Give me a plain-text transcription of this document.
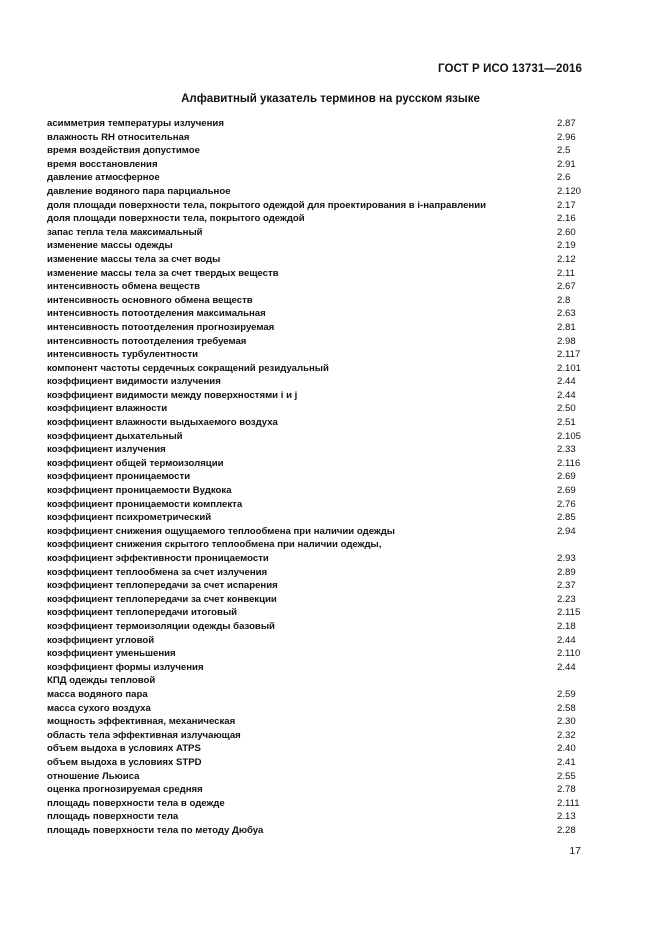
ГОСТ Р ИСО 13731—2016
Алфавитный указатель терминов на русском языке
асимметрия температуры излучения	2.87
влажность RH относительная	2.96
время воздействия допустимое	2.5
время восстановления	2.91
давление атмосферное	2.6
давление водяного пара парциальное	2.120
доля площади поверхности тела, покрытого одеждой для проектирования в i-направлении	2.17
доля площади поверхности тела, покрытого одеждой	2.16
запас тепла тела максимальный	2.60
изменение массы одежды	2.19
изменение массы тела за счет воды	2.12
изменение массы тела за счет твердых веществ	2.11
интенсивность обмена веществ	2.67
интенсивность основного обмена веществ	2.8
интенсивность потоотделения максимальная	2.63
интенсивность потоотделения прогнозируемая	2.81
интенсивность потоотделения требуемая	2.98
интенсивность турбулентности	2.117
компонент частоты сердечных сокращений резидуальный	2.101
коэффициент видимости излучения	2.44
коэффициент видимости между поверхностями i и j	2.44
коэффициент влажности	2.50
коэффициент влажности выдыхаемого воздуха	2.51
коэффициент дыхательный	2.105
коэффициент излучения	2.33
коэффициент общей термоизоляции	2.116
коэффициент проницаемости	2.69
коэффициент проницаемости Вудкока	2.69
коэффициент проницаемости комплекта	2.76
коэффициент психрометрический	2.85
коэффициент снижения ощущаемого теплообмена при наличии одежды	2.94
коэффициент снижения скрытого теплообмена при наличии одежды,
коэффициент эффективности проницаемости	2.93
коэффициент теплообмена за счет излучения	2.89
коэффициент теплопередачи за счет испарения	2.37
коэффициент теплопередачи за счет конвекции	2.23
коэффициент теплопередачи итоговый	2.115
коэффициент термоизоляции одежды базовый	2.18
коэффициент угловой	2.44
коэффициент уменьшения	2.110
коэффициент формы излучения	2.44
КПД одежды тепловой
масса водяного пара	2.59
масса сухого воздуха	2.58
мощность эффективная, механическая	2.30
область тела эффективная излучающая	2.32
объем выдоха в условиях ATPS	2.40
объем выдоха в условиях STPD	2.41
отношение Льюиса	2.55
оценка прогнозируемая средняя	2.78
площадь поверхности тела в одежде	2.111
площадь поверхности тела	2.13
площадь поверхности тела по методу Дюбуа	2.28
17
